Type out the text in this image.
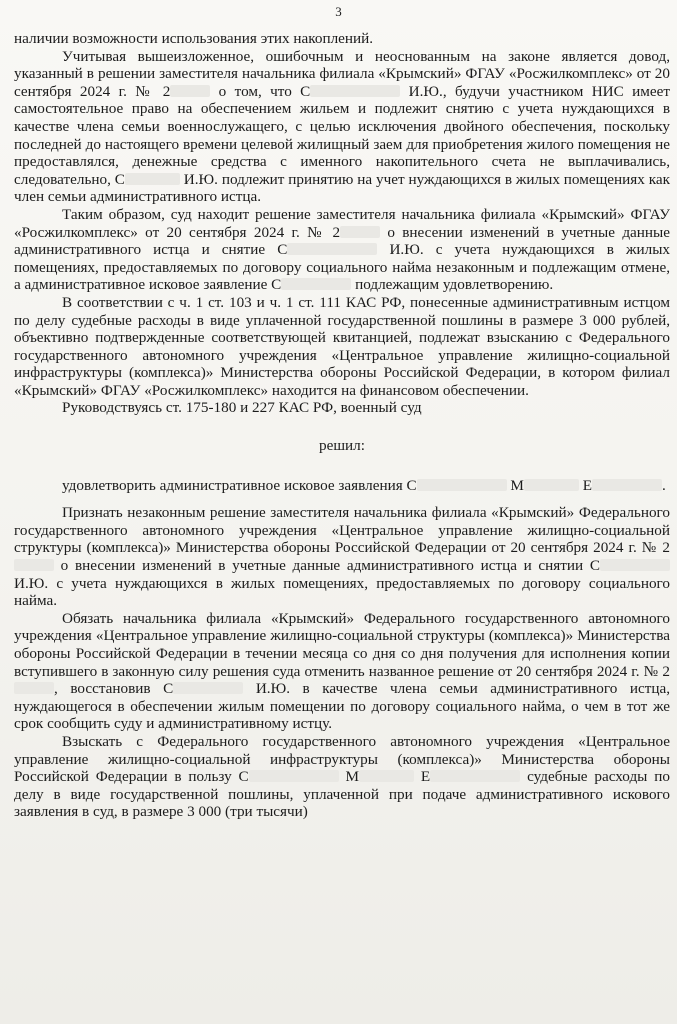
3

наличии возможности использования этих накоплений.

Учитывая вышеизложенное, ошибочным и неоснованным на законе является довод, указанный в решении заместителя начальника филиала «Крымский» ФГАУ «Росжилкомплекс» от 20 сентября 2024 г. № 2	о том, что С	И.Ю., будучи участником НИС имеет самостоятельное право на обеспечением жильем и подлежит снятию с учета нуждающихся в качестве члена семьи военнослужащего, с целью исключения двойного обеспечения, поскольку последней до настоящего времени целевой жилищный заем для приобретения жилого помещения не предоставлялся, денежные средства с именного накопительного счета не выплачивались, следовательно, С	И.Ю. подлежит принятию на учет нуждающихся в жилых помещениях как член семьи административного истца.

Таким образом, суд находит решение заместителя начальника филиала «Крымский» ФГАУ «Росжилкомплекс» от 20 сентября 2024 г. № 2	о внесении изменений в учетные данные административного истца и снятие С	И.Ю. с учета нуждающихся в жилых помещениях, предоставляемых по договору социального найма незаконным и подлежащим отмене, а административное исковое заявление С	подлежащим удовлетворению.

В соответствии с ч. 1 ст. 103 и ч. 1 ст. 111 КАС РФ, понесенные административным истцом по делу судебные расходы в виде уплаченной государственной пошлины в размере 3 000 рублей, объективно подтвержденные соответствующей квитанцией, подлежат взысканию с Федерального государственного автономного учреждения «Центральное управление жилищно-социальной инфраструктуры (комплекса)» Министерства обороны Российской Федерации, в котором филиал «Крымский» ФГАУ «Росжилкомплекс» находится на финансовом обеспечении.

Руководствуясь ст. 175-180 и 227 КАС РФ, военный суд

решил:

удовлетворить административное исковое заявления С	М	Е	.

Признать незаконным решение заместителя начальника филиала «Крымский» Федерального государственного автономного учреждения «Центральное управление жилищно-социальной структуры (комплекса)» Министерства обороны Российской Федерации от 20 сентября 2024 г. № 2 о внесении изменений в учетные данные административного истца и снятии С И.Ю. с учета нуждающихся в жилых помещениях, предоставляемых по договору социального найма.

Обязать начальника филиала «Крымский» Федерального государственного автономного учреждения «Центральное управление жилищно-социальной структуры (комплекса)» Министерства обороны Российской Федерации в течении месяца со дня со дня получения для исполнения копии вступившего в законную силу решения суда отменить названное решение от 20 сентября 2024 г. № 2, восстановив С	И.Ю. в качестве члена семьи административного истца, нуждающегося в обеспечении жилым помещении по договору социального найма, о чем в тот же срок сообщить суду и административному истцу.

Взыскать с Федерального государственного автономного учреждения «Центральное управление жилищно-социальной инфраструктуры (комплекса)» Министерства обороны Российской Федерации в пользу С	М	Е	судебные расходы по делу в виде государственной пошлины, уплаченной при подаче административного искового заявления в суд, в размере 3 000 (три тысячи)
